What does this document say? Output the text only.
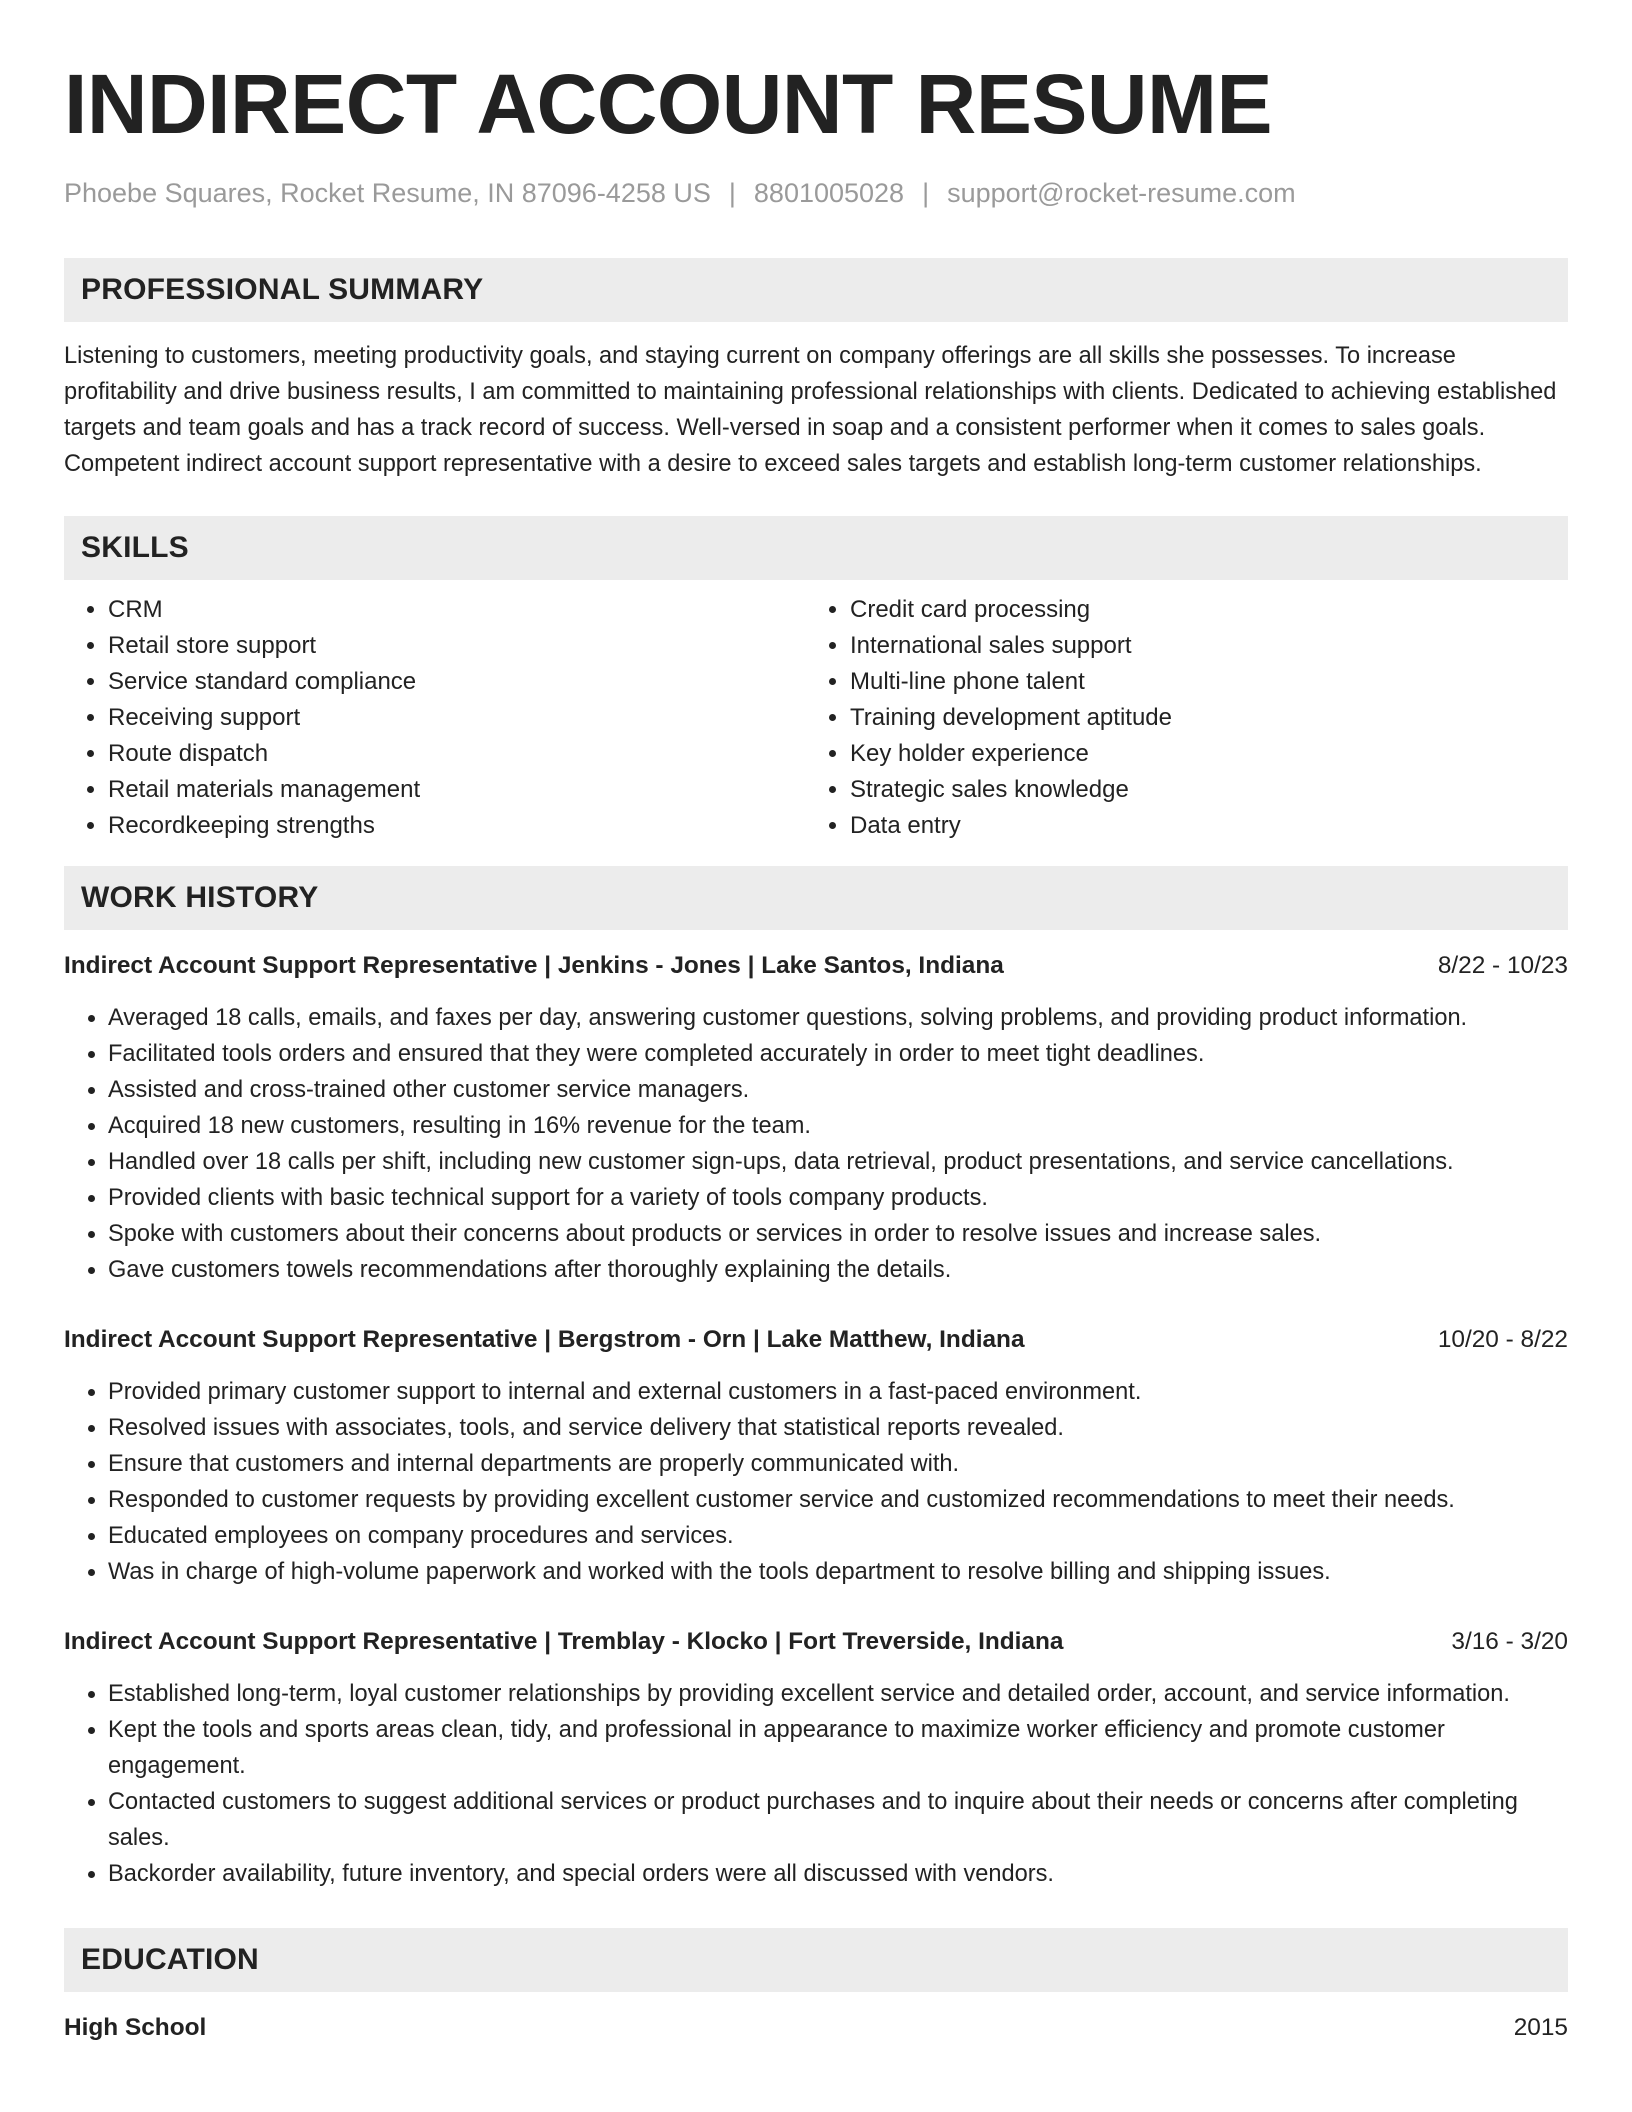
INDIRECT ACCOUNT RESUME
Phoebe Squares, Rocket Resume, IN 87096-4258 US | 8801005028 | support@rocket-resume.com
PROFESSIONAL SUMMARY

Listening to customers, meeting productivity goals, and staying current on company offerings are all skills she possesses. To increase profitability and drive business results, I am committed to maintaining professional relationships with clients. Dedicated to achieving established targets and team goals and has a track record of success. Well-versed in soap and a consistent performer when it comes to sales goals. Competent indirect account support representative with a desire to exceed sales targets and establish long-term customer relationships.

SKILLS
• CRM
• Retail store support
• Service standard compliance
• Receiving support
• Route dispatch
• Retail materials management
• Recordkeeping strengths
• Credit card processing
• International sales support
• Multi-line phone talent
• Training development aptitude
• Key holder experience
• Strategic sales knowledge
• Data entry
WORK HISTORY
Indirect Account Support Representative | Jenkins - Jones | Lake Santos, Indiana	8/22 - 10/23
• Averaged 18 calls, emails, and faxes per day, answering customer questions, solving problems, and providing product information.
• Facilitated tools orders and ensured that they were completed accurately in order to meet tight deadlines.
• Assisted and cross-trained other customer service managers.
• Acquired 18 new customers, resulting in 16% revenue for the team.
• Handled over 18 calls per shift, including new customer sign-ups, data retrieval, product presentations, and service cancellations.
• Provided clients with basic technical support for a variety of tools company products.
• Spoke with customers about their concerns about products or services in order to resolve issues and increase sales.
• Gave customers towels recommendations after thoroughly explaining the details.
Indirect Account Support Representative | Bergstrom - Orn | Lake Matthew, Indiana	10/20 - 8/22
• Provided primary customer support to internal and external customers in a fast-paced environment.
• Resolved issues with associates, tools, and service delivery that statistical reports revealed.
• Ensure that customers and internal departments are properly communicated with.
• Responded to customer requests by providing excellent customer service and customized recommendations to meet their needs.
• Educated employees on company procedures and services.
• Was in charge of high-volume paperwork and worked with the tools department to resolve billing and shipping issues.
Indirect Account Support Representative | Tremblay - Klocko | Fort Treverside, Indiana	3/16 - 3/20
• Established long-term, loyal customer relationships by providing excellent service and detailed order, account, and service information.
• Kept the tools and sports areas clean, tidy, and professional in appearance to maximize worker efficiency and promote customer engagement.
• Contacted customers to suggest additional services or product purchases and to inquire about their needs or concerns after completing sales.
• Backorder availability, future inventory, and special orders were all discussed with vendors.
EDUCATION
High School	2015
